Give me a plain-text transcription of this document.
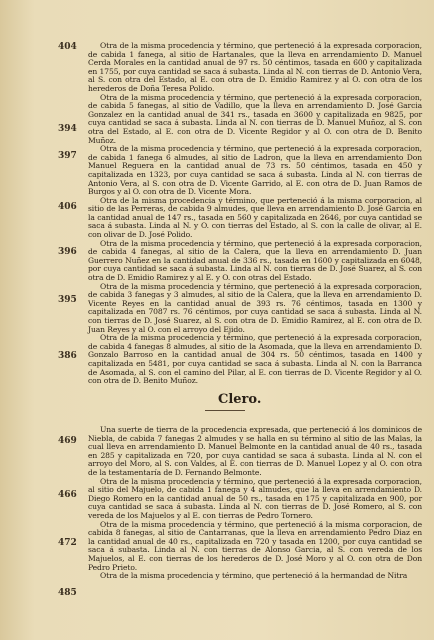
404
394
397
406
396
395
386
469
466
472
485

Otra de la misma procedencia y término, que perteneció á la expresada corporacion, de cabida 1 fanega, al sitio de Hartanales, que la lleva en arrendamiento D. Manuel Cerda Morales en la cantidad anual de 97 rs. 50 céntimos, tasada en 600 y capitalizada en 1755, por cuya cantidad se saca á subasta. Linda al N. con tierras de D. Antonio Vera, al S. con otra del Estado, al E. con otra de D. Emidio Ramirez y al O. con otra de los herederos de Doña Teresa Polido.

Otra de la misma procedencia y término, que perteneció á la expresada corporacion, de cabida 5 fanegas, al sitio de Vadillo, que la lleva en arrendamiento D. José Garcia Gonzalez en la cantidad anual de 341 rs., tasada en 3600 y capitalizada en 9825, por cuya cantidad se saca á subasta. Linda al N. con tierras de D. Manuel Muñoz, al S. con otra del Estado, al E. con otra de D. Vicente Regidor y al O. con otra de D. Benito Muñoz.

Otra de la misma procedencia y término, que perteneció á la expresada corporacion, de cabida 1 fanega 6 almudes, al sitio de Ladron, que la lleva en arrendamiento Don Manuel Reguera en la cantidad anual de 73 rs. 50 céntimos, tasada en 450 y capitalizada en 1323, por cuya cantidad se saca á subasta. Linda al N. con tierras de Antonio Vera, al S. con otra de D. Vicente Garrido, al E. con otra de D. Juan Ramos de Burgos y al O. con otra de D. Vicente Mora.

Otra de la misma procedencia y término, que perteneció á la misma corporacion, al sitio de las Perreras, de cabida 9 almudes, que lleva en arrendamiento D. José Garcia en la cantidad anual de 147 rs., tasada en 560 y capitalizada en 2646, por cuya cantidad se saca á subasta. Linda al N. y O. con tierras del Estado, al S. con la calle de olivar, al E. con olivar de D. José Polido.

Otra de la misma procedencia y término, que perteneció á la expresada corporacion, de cabida 4 fanegas, al sitio de la Calera, que la lleva en arrendamiento D. Juan Guerrero Nuñez en la cantidad anual de 336 rs., tasada en 1600 y capitalizada en 6048, por cuya cantidad se saca á subasta. Linda al N. con tierras de D. José Suarez, al S. con otra de D. Emidio Ramirez y al E. y O. con otras del Estado.

Otra de la misma procedencia y término, que perteneció á la expresada corporacion, de cabida 3 fanegas y 3 almudes, al sitio de la Calera, que la lleva en arrendamiento D. Vicente Reyes en la cantidad anual de 393 rs. 76 céntimos, tasada en 1300 y capitalizada en 7087 rs. 76 céntimos, por cuya cantidad se saca á subasta. Linda al N. con tierras de D. José Suarez, al S. con otra de D. Emidio Ramirez, al E. con otra de D. Juan Reyes y al O. con el arroyo del Ejido.

Otra de la misma procedencia y término, que perteneció á la expresada corporacion, de cabida 4 fanegas 8 almudes, al sitio de la Asomada, que la lleva en arrendamiento D. Gonzalo Barroso en la cantidad anual de 304 rs. 50 céntimos, tasada en 1400 y capitalizada en 5481, por cuya cantidad se saca á subasta. Linda al N. con la Barranca de Asomada, al S. con el camino del Pilar, al E. con tierras de D. Vicente Regidor y al O. con otra de D. Benito Muñoz.

Clero.

Una suerte de tierra de la procedencia expresada, que perteneció á los dominicos de Niebla, de cabida 7 fanegas 2 almudes y se halla en su término al sitio de las Malas, la cual lleva en arrendamiento D. Manuel Belmonte en la cantidad anual de 40 rs., tasada en 285 y capitalizada en 720, por cuya cantidad se saca á subasta. Linda al N. con el arroyo del Moro, al S. con Valdes, al E. con tierras de D. Manuel Lopez y al O. con otra de la testamentaría de D. Fernando Belmonte.

Otra de la misma procedencia y término, que perteneció á la expresada corporacion, al sitio del Majuelo, de cabida 1 fanega y 4 almudes, que la lleva en arrendamiento D. Diego Romero en la cantidad anual de 50 rs., tasada en 175 y capitalizada en 900, por cuya cantidad se saca á subasta. Linda al N. con tierras de D. José Romero, al S. con vereda de los Majuelos y al E. con tierras de Pedro Tornero.

Otra de la misma procedencia y término, que perteneció á la misma corporacion, de cabida 8 fanegas, al sitio de Cantarranas, que la lleva en arrendamiento Pedro Diaz en la cantidad anual de 40 rs., capitalizada en 720 y tasada en 1200, por cuya cantidad se saca á subasta. Linda al N. con tierras de Alonso Garcia, al S. con vereda de los Majuelos, al E. con tierras de los herederos de D. José Moro y al O. con otra de Don Pedro Prieto.

Otra de la misma procedencia y término, que perteneció á la hermandad de Nitra
